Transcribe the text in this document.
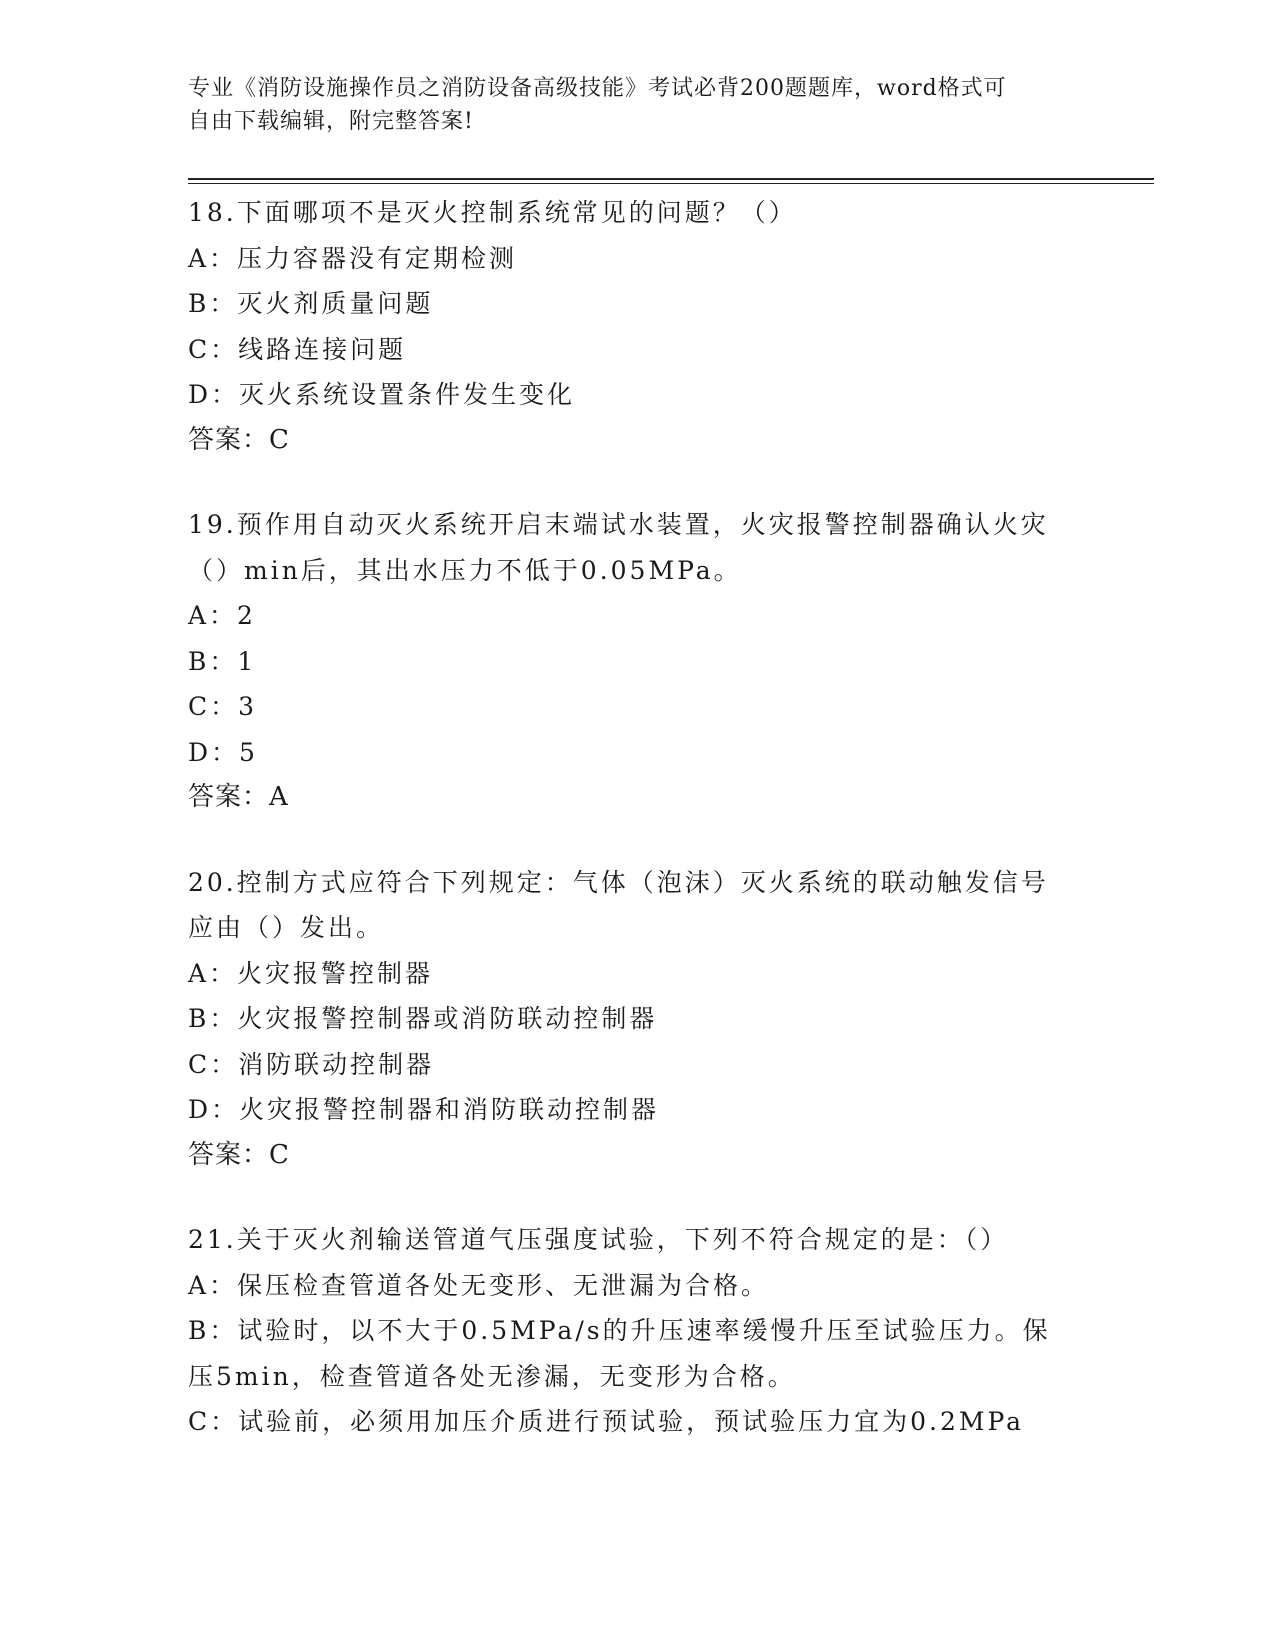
专业《消防设施操作员之消防设备高级技能》考试必背200题题库，word格式可
自由下载编辑，附完整答案!
18.下面哪项不是灭火控制系统常见的问题？（）
A：压力容器没有定期检测
B：灭火剂质量问题
C：线路连接问题
D：灭火系统设置条件发生变化
答案：C
19.预作用自动灭火系统开启末端试水装置，火灾报警控制器确认火灾
（）min后，其出水压力不低于0.05MPa。
A：2
B：1
C：3
D：5
答案：A
20.控制方式应符合下列规定：气体（泡沫）灭火系统的联动触发信号
应由（）发出。
A：火灾报警控制器
B：火灾报警控制器或消防联动控制器
C：消防联动控制器
D：火灾报警控制器和消防联动控制器
答案：C
21.关于灭火剂输送管道气压强度试验，下列不符合规定的是：（）
A：保压检查管道各处无变形、无泄漏为合格。
B：试验时，以不大于0.5MPa/s的升压速率缓慢升压至试验压力。保
压5min，检查管道各处无渗漏，无变形为合格。
C：试验前，必须用加压介质进行预试验，预试验压力宜为0.2MPa
